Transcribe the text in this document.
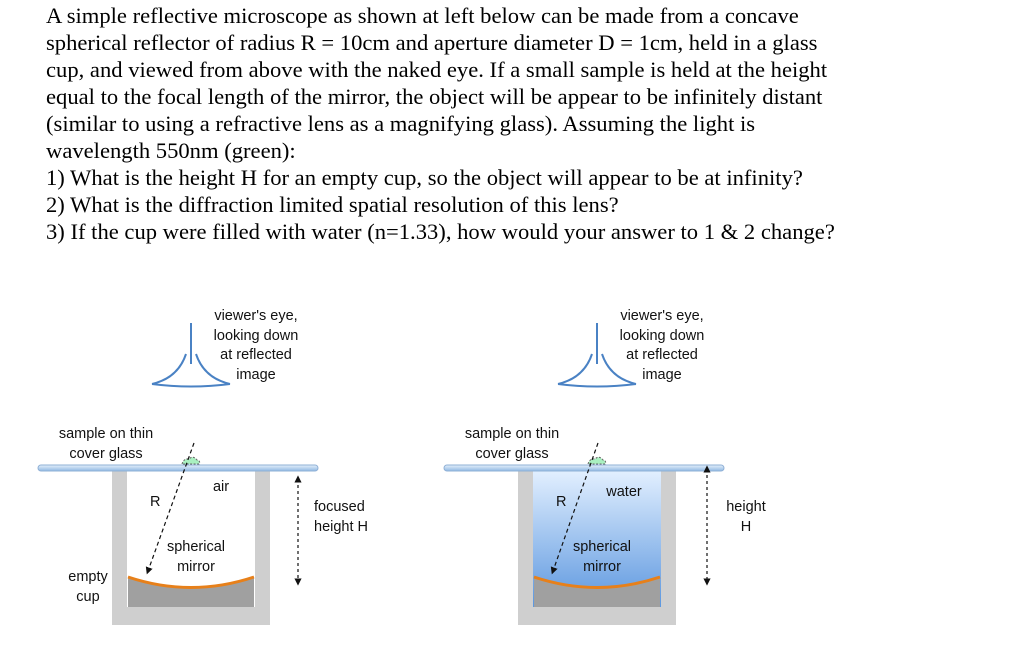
A simple reflective microscope as shown at left below can be made from a concave

spherical reflector of radius R = 10cm and aperture diameter D = 1cm, held in a glass

cup, and viewed from above with the naked eye. If a small sample is held at the height

equal to the focal length of the mirror, the object will be appear to be infinitely distant

(similar to using a refractive lens as a magnifying glass). Assuming the light is

wavelength 550nm (green):

1) What is the height H for an empty cup, so the object will appear to be at infinity?

2) What is the diffraction limited spatial resolution of this lens?

3) If the cup were filled with water (n=1.33), how would your answer to 1 & 2 change?

viewer's eye,
looking down
at reflected
image
sample on thin
cover glass
air
R
spherical
mirror
focused
height H
empty
cup
viewer's eye,
looking down
at reflected
image
sample on thin
cover glass
water
R
spherical
mirror
height
H
